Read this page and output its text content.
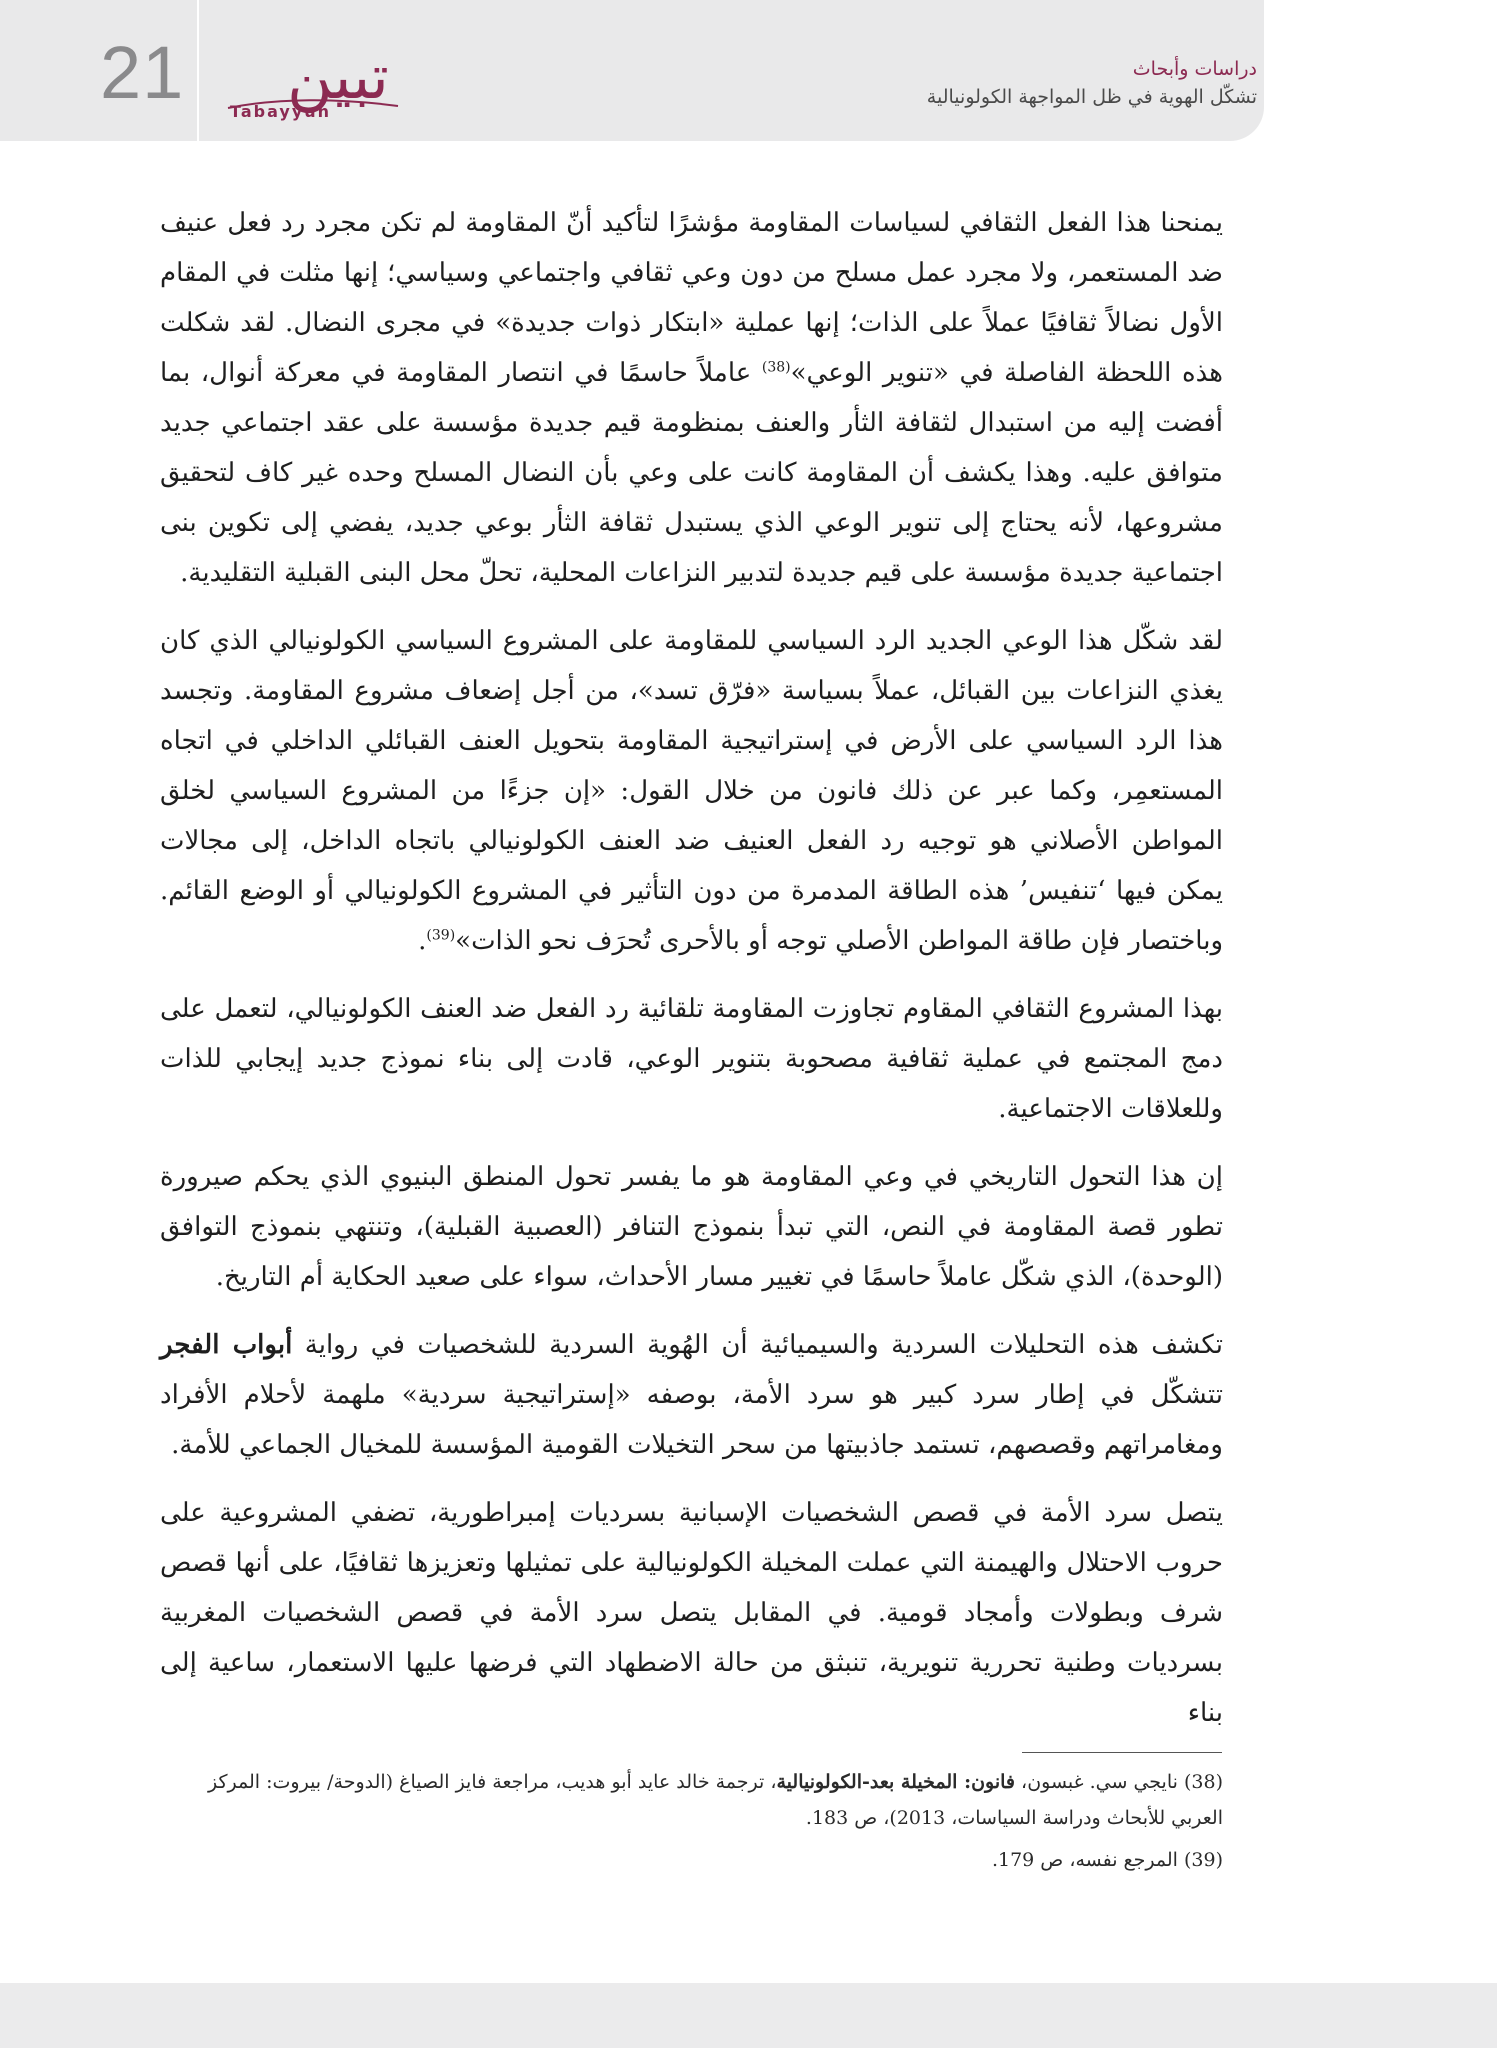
21 تبين
Tabayyun
دراسات وأبحاث
تشكّل الهوية في ظل المواجهة الكولونيالية

يمنحنا هذا الفعل الثقافي لسياسات المقاومة مؤشرًا لتأكيد أنّ المقاومة لم تكن مجرد رد فعل عنيف ضد المستعمر، ولا مجرد عمل مسلح من دون وعي ثقافي واجتماعي وسياسي؛ إنها مثلت في المقام الأول نضالاً ثقافيًا عملاً على الذات؛ إنها عملية «ابتكار ذوات جديدة» في مجرى النضال. لقد شكلت هذه اللحظة الفاصلة في «تنوير الوعي»$^{(38)}$ عاملاً حاسمًا في انتصار المقاومة في معركة أنوال، بما أفضت إليه من استبدال لثقافة الثأر والعنف بمنظومة قيم جديدة مؤسسة على عقد اجتماعي جديد متوافق عليه. وهذا يكشف أن المقاومة كانت على وعي بأن النضال المسلح وحده غير كاف لتحقيق مشروعها، لأنه يحتاج إلى تنوير الوعي الذي يستبدل ثقافة الثأر بوعي جديد، يفضي إلى تكوين بنى اجتماعية جديدة مؤسسة على قيم جديدة لتدبير النزاعات المحلية، تحلّ محل البنى القبلية التقليدية.

لقد شكّل هذا الوعي الجديد الرد السياسي للمقاومة على المشروع السياسي الكولونيالي الذي كان يغذي النزاعات بين القبائل، عملاً بسياسة «فرّق تسد»، من أجل إضعاف مشروع المقاومة. وتجسد هذا الرد السياسي على الأرض في إستراتيجية المقاومة بتحويل العنف القبائلي الداخلي في اتجاه المستعمِر، وكما عبر عن ذلك فانون من خلال القول: «إن جزءًا من المشروع السياسي لخلق المواطن الأصلاني هو توجيه رد الفعل العنيف ضد العنف الكولونيالي باتجاه الداخل، إلى مجالات يمكن فيها ‘تنفيس’ هذه الطاقة المدمرة من دون التأثير في المشروع الكولونيالي أو الوضع القائم. وباختصار فإن طاقة المواطن الأصلي توجه أو بالأحرى تُحرَف نحو الذات»$^{(39)}$.

بهذا المشروع الثقافي المقاوم تجاوزت المقاومة تلقائية رد الفعل ضد العنف الكولونيالي، لتعمل على دمج المجتمع في عملية ثقافية مصحوبة بتنوير الوعي، قادت إلى بناء نموذج جديد إيجابي للذات وللعلاقات الاجتماعية.

إن هذا التحول التاريخي في وعي المقاومة هو ما يفسر تحول المنطق البنيوي الذي يحكم صيرورة تطور قصة المقاومة في النص، التي تبدأ بنموذج التنافر (العصبية القبلية)، وتنتهي بنموذج التوافق (الوحدة)، الذي شكّل عاملاً حاسمًا في تغيير مسار الأحداث، سواء على صعيد الحكاية أم التاريخ.

تكشف هذه التحليلات السردية والسيميائية أن الهُوية السردية للشخصيات في رواية أبواب الفجر تتشكّل في إطار سرد كبير هو سرد الأمة، بوصفه «إستراتيجية سردية» ملهمة لأحلام الأفراد ومغامراتهم وقصصهم، تستمد جاذبيتها من سحر التخيلات القومية المؤسسة للمخيال الجماعي للأمة.

يتصل سرد الأمة في قصص الشخصيات الإسبانية بسرديات إمبراطورية، تضفي المشروعية على حروب الاحتلال والهيمنة التي عملت المخيلة الكولونيالية على تمثيلها وتعزيزها ثقافيًا، على أنها قصص شرف وبطولات وأمجاد قومية. في المقابل يتصل سرد الأمة في قصص الشخصيات المغربية بسرديات وطنية تحررية تنويرية، تنبثق من حالة الاضطهاد التي فرضها عليها الاستعمار، ساعية إلى بناء

(38) نايجي سي. غبسون، فانون: المخيلة بعد-الكولونيالية، ترجمة خالد عايد أبو هديب، مراجعة فايز الصياغ (الدوحة/ بيروت: المركز العربي للأبحاث ودراسة السياسات، 2013)، ص 183.

(39) المرجع نفسه، ص 179.
